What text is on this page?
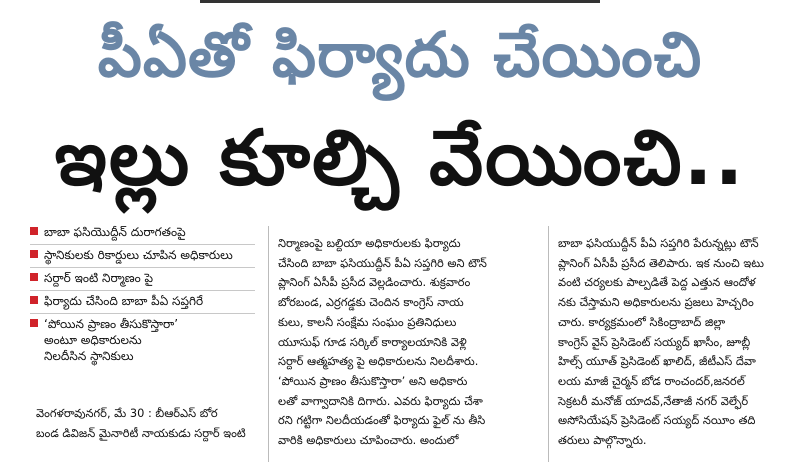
పీఏతో ఫిర్యాదు చేయించి
ఇల్లు కూల్చి వేయించి..
బాబా ఫసియొద్దీన్ దురాగతంపై
స్థానికులకు రికార్డులు చూపిన అధికారులు
సర్దార్ ఇంటి నిర్మాణం పై
ఫిర్యాదు చేసింది బాబా పీఏ సప్తగిరే
‘పోయిన ప్రాణం తీసుకొస్తారా’
అంటూ అధికారులను
నిలదీసిన స్థానికులు

వెంగళరావునగర్, మే 30 : బీఆర్ఎస్ బోర
బండ డివిజన్ మైనారిటీ నాయకుడు సర్దార్ ఇంటి

నిర్మాణంపై బల్దియా అధికారులకు ఫిర్యాదు
చేసింది బాబా ఫసియుద్దీన్ పీఏ సప్తగిరి అని టౌన్
ప్లానింగ్ ఏసీపీ ప్రసీద వెల్లడించారు. శుక్రవారం
బోరబండ, ఎర్రగడ్డకు చెందిన కాంగ్రెస్ నాయ
కులు, కాలనీ సంక్షేమ సంఘం ప్రతినిధులు
యూసుఫ్ గూడ సర్కిల్ కార్యాలయానికి వెళ్లి
సర్దార్ ఆత్మహత్య పై అధికారులను నిలదీశారు.
‘పోయిన ప్రాణం తీసుకొస్తారా’ అని అధికారు
లతో వాగ్వాదానికి దిగారు. ఎవరు ఫిర్యాదు చేశా
రని గట్టిగా నిలదీయడంతో ఫిర్యాదు ఫైల్ ను తీసి
వారికి అధికారులు చూపించారు. అందులో

బాబా ఫసియుద్దీన్ పీఏ సప్తగిరి పేరున్నట్లు టౌన్
ప్లానింగ్ ఏసీపీ ప్రసీద తెలిపారు. ఇక నుంచి ఇటు
వంటి చర్యలకు పాల్పడితే పెద్ద ఎత్తున ఆందోళ
నకు చేస్తామని అధికారులను ప్రజలు హెచ్చరిం
చారు. కార్యక్రమంలో సికింద్రాబాద్ జిల్లా
కాంగ్రెస్ వైస్ ప్రెసిడెంట్ సయ్యద్ ఖాసీం, జూబ్లీ
హిల్స్ యూత్ ప్రెసిడెంట్ ఖాలిద్, జీటీఎస్ దేవా
లయ మాజీ చైర్మన్ బోడ రాంచందర్,జనరల్
సెక్రటరీ మనోజ్ యాదవ్,నేతాజీ నగర్ వెల్ఫేర్
అసోసియేషన్ ప్రెసిడెంట్ సయ్యద్ నయీం తది
తరులు పాల్గొన్నారు.
